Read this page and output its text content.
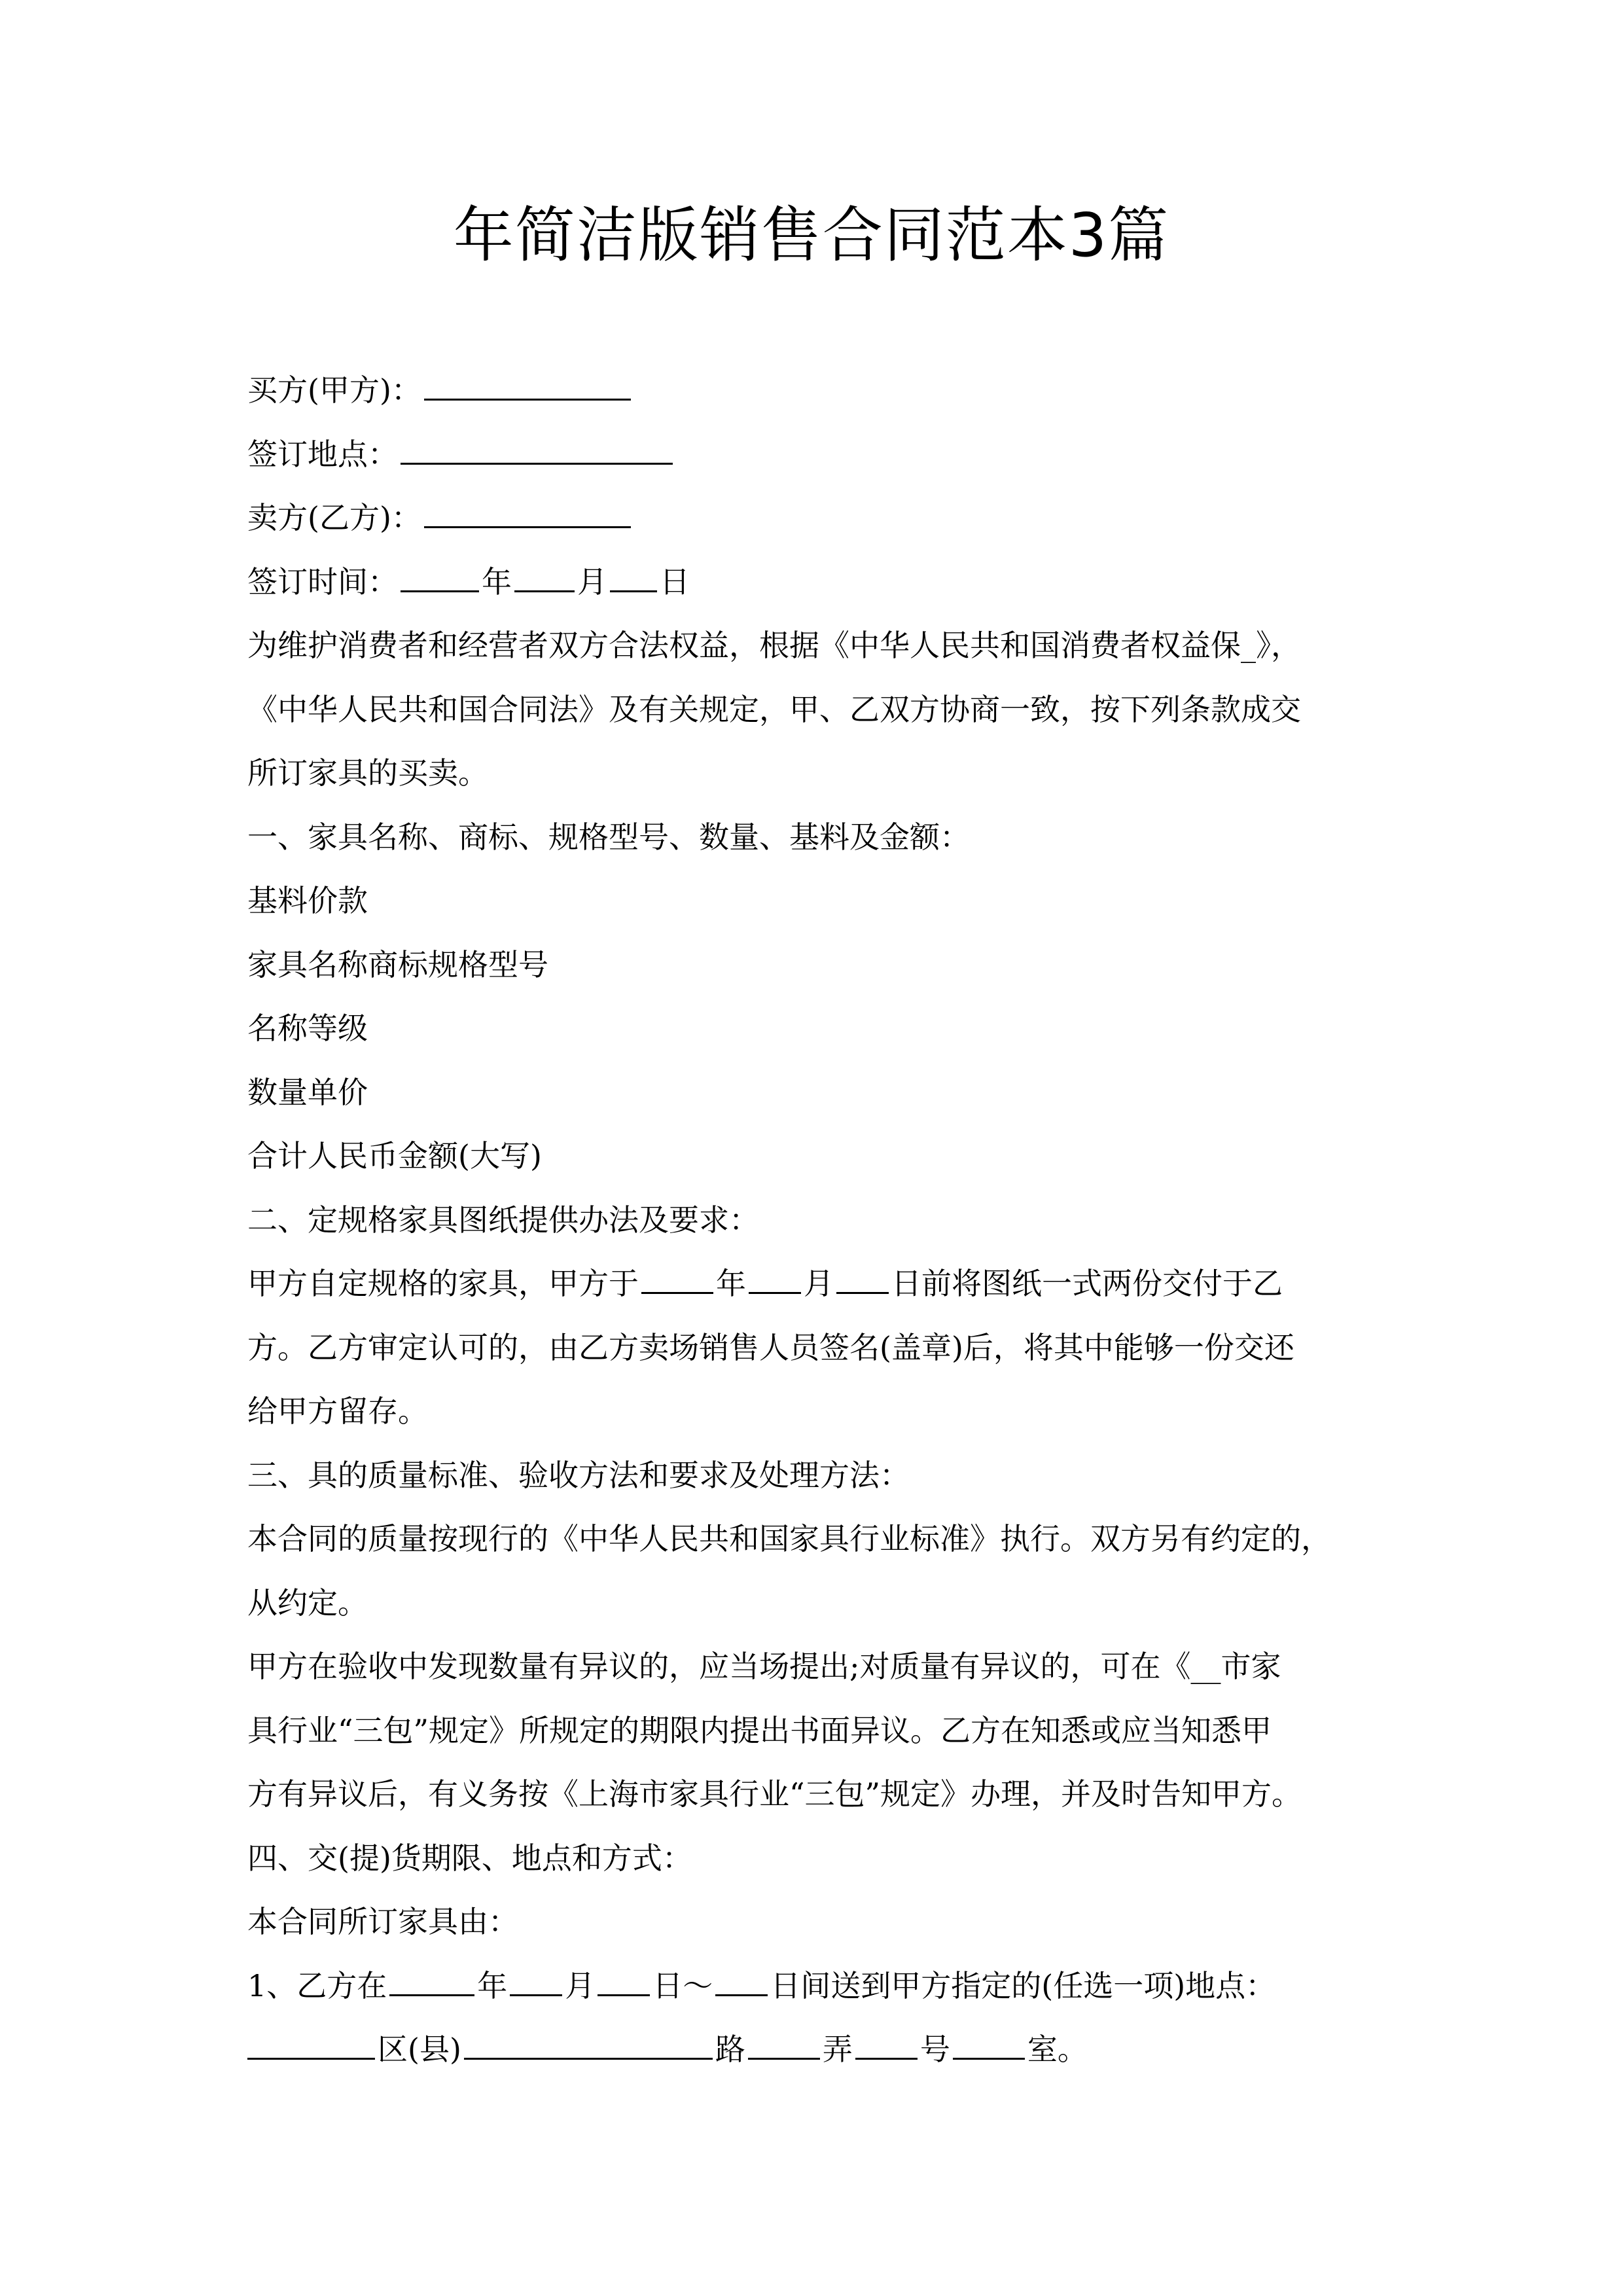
年简洁版销售合同范本3篇
买方(甲方)：
签订地点：
卖方(乙方)：
签订时间：	年 月 日
为维护消费者和经营者双方合法权益，根据《中华人民共和国消费者权益保_》，
《中华人民共和国合同法》及有关规定，甲、乙双方协商一致，按下列条款成交
所订家具的买卖。
一、家具名称、商标、规格型号、数量、基料及金额：
基料价款
家具名称商标规格型号
名称等级
数量单价
合计人民币金额(大写)
二、定规格家具图纸提供办法及要求：
甲方自定规格的家具，甲方于	年 月 日前将图纸一式两份交付于乙
方。乙方审定认可的，由乙方卖场销售人员签名(盖章)后，将其中能够一份交还
给甲方留存。
三、具的质量标准、验收方法和要求及处理方法：
本合同的质量按现行的《中华人民共和国家具行业标准》执行。双方另有约定的，
从约定。
甲方在验收中发现数量有异议的，应当场提出;对质量有异议的，可在《__市家
具行业“三包”规定》所规定的期限内提出书面异议。乙方在知悉或应当知悉甲
方有异议后，有义务按《上海市家具行业“三包”规定》办理，并及时告知甲方。
四、交(提)货期限、地点和方式：
本合同所订家具由：
1、乙方在	年 月 日～ 日间送到甲方指定的(任选一项)地点：
区(县)	路	弄 号	室。
